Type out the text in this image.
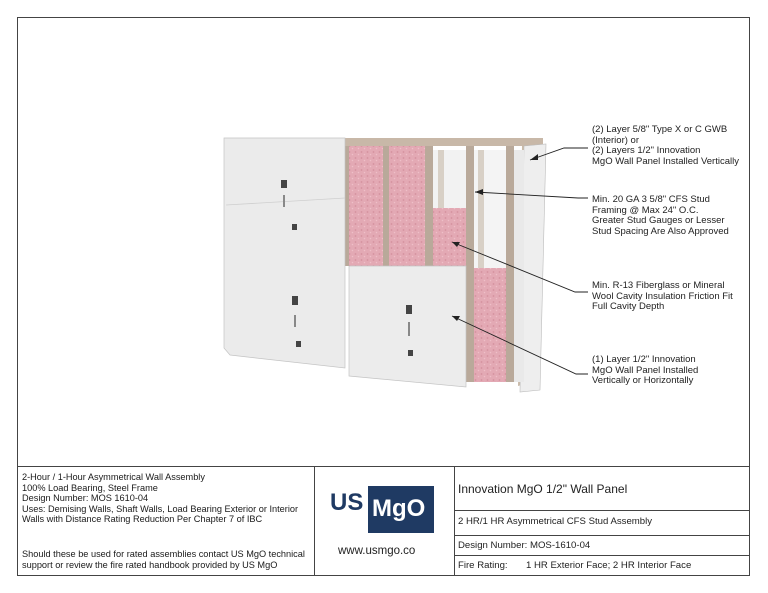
(2) Layer 5/8" Type X or C GWB
(Interior) or
(2) Layers 1/2" Innovation
MgO Wall Panel Installed Vertically
Min. 20 GA 3 5/8" CFS Stud
Framing @ Max 24" O.C.
Greater Stud Gauges or Lesser
Stud Spacing Are Also Approved
Min. R-13 Fiberglass or Mineral
Wool Cavity Insulation Friction Fit
Full Cavity Depth
(1) Layer 1/2" Innovation
MgO Wall Panel Installed
Vertically or Horizontally
2-Hour / 1-Hour Asymmetrical Wall Assembly
100% Load Bearing, Steel Frame
Design Number: MOS 1610-04
Uses: Demising Walls, Shaft Walls, Load Bearing Exterior or Interior
Walls with Distance Rating Reduction Per Chapter 7 of IBC
Should these be used for rated assemblies contact US MgO technical
support or review the fire rated handbook provided by US MgO
US MgO
www.usmgo.co
Innovation MgO 1/2" Wall Panel
2 HR/1 HR Asymmetrical CFS Stud Assembly
Design Number: MOS-1610-04
Fire Rating: 1 HR Exterior Face; 2 HR Interior Face
